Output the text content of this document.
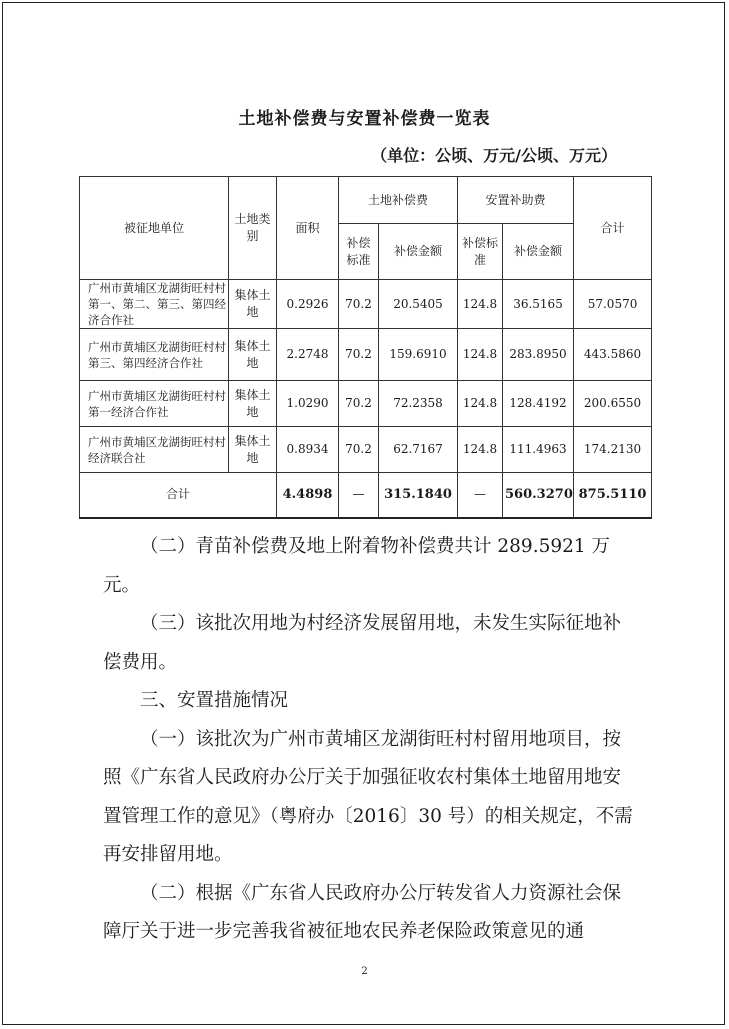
土地补偿费与安置补偿费一览表
（单位：公顷、万元/公顷、万元）
被征地单位	土地类别	面积	土地补偿费		安置补助费		合计
			补偿标准	补偿金额	补偿标准	补偿金额	
广州市黄埔区龙湖街旺村村第一、第二、第三、第四经济合作社	集体土地	0.2926	70.2	20.5405	124.8	36.5165	57.0570
广州市黄埔区龙湖街旺村村第三、第四经济合作社	集体土地	2.2748	70.2	159.6910	124.8	283.8950	443.5860
广州市黄埔区龙湖街旺村村第一经济合作社	集体土地	1.0290	70.2	72.2358	124.8	128.4192	200.6550
广州市黄埔区龙湖街旺村村经济联合社	集体土地	0.8934	70.2	62.7167	124.8	111.4963	174.2130
合计		4.4898	—	315.1840	—	560.3270	875.5110

（二）青苗补偿费及地上附着物补偿费共计 289.5921 万元。

（三）该批次用地为村经济发展留用地，未发生实际征地补偿费用。

三、安置措施情况

（一）该批次为广州市黄埔区龙湖街旺村村留用地项目，按照《广东省人民政府办公厅关于加强征收农村集体土地留用地安置管理工作的意见》（粤府办〔2016〕30 号）的相关规定，不需再安排留用地。

（二）根据《广东省人民政府办公厅转发省人力资源社会保障厅关于进一步完善我省被征地农民养老保险政策意见的通

2
